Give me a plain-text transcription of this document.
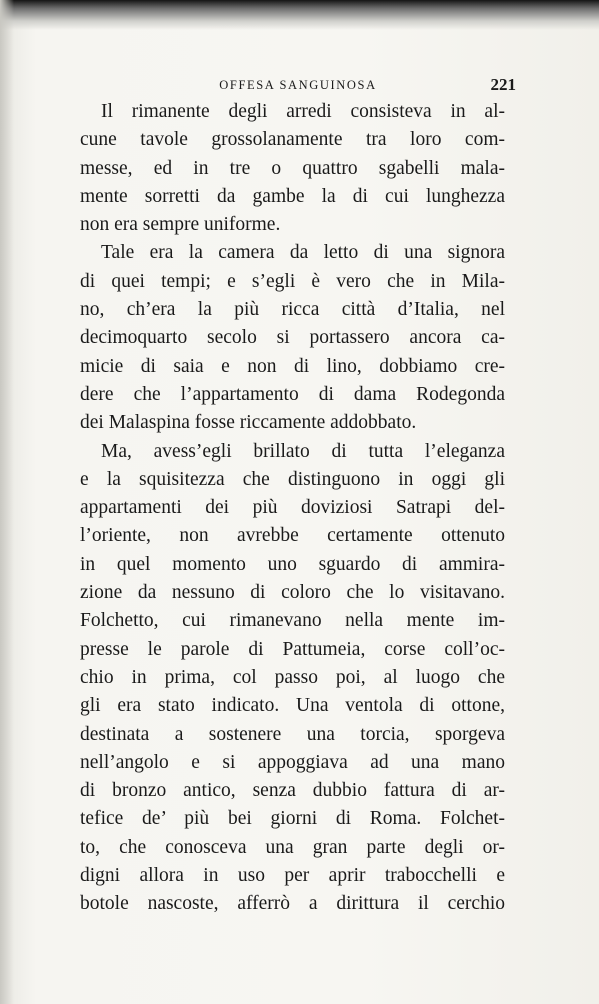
OFFESA SANGUINOSA	221
Il rimanente degli arredi consisteva in al-
cune tavole grossolanamente tra loro com-
messe, ed in tre o quattro sgabelli mala-
mente sorretti da gambe la di cui lunghezza
non era sempre uniforme.
Tale era la camera da letto di una signora
di quei tempi; e s’egli è vero che in Mila-
no, ch’era la più ricca città d’Italia, nel
decimoquarto secolo si portassero ancora ca-
micie di saia e non di lino, dobbiamo cre-
dere che l’appartamento di dama Rodegonda
dei Malaspina fosse riccamente addobbato.
Ma, avess’egli brillato di tutta l’eleganza
e la squisitezza che distinguono in oggi gli
appartamenti dei più doviziosi Satrapi del-
l’oriente, non avrebbe certamente ottenuto
in quel momento uno sguardo di ammira-
zione da nessuno di coloro che lo visitavano.
Folchetto, cui rimanevano nella mente im-
presse le parole di Pattumeia, corse coll’oc-
chio in prima, col passo poi, al luogo che
gli era stato indicato. Una ventola di ottone,
destinata a sostenere una torcia, sporgeva
nell’angolo e si appoggiava ad una mano
di bronzo antico, senza dubbio fattura di ar-
tefice de’ più bei giorni di Roma. Folchet-
to, che conosceva una gran parte degli or-
digni allora in uso per aprir trabocchelli e
botole nascoste, afferrò a dirittura il cerchio
